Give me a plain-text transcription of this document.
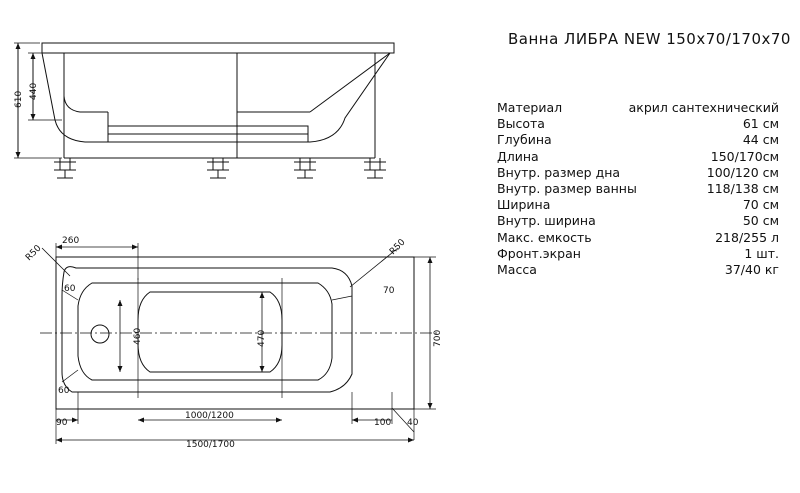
610 440
260
R50	R50
60
60
70
460	470	700
90
1000/1200
100 40
1500/1700
Ванна ЛИБРА NEW 150х70/170х70
Материал	акрил сантехнический
Высота	61 см
Глубина	44 см
Длина	150/170см
Внутр. размер дна	100/120 см
Внутр. размер ванны	118/138 см
Ширина	70 см
Внутр. ширина	50 см
Макс. емкость	218/255 л
Фронт.экран	1 шт.
Масса	37/40 кг
